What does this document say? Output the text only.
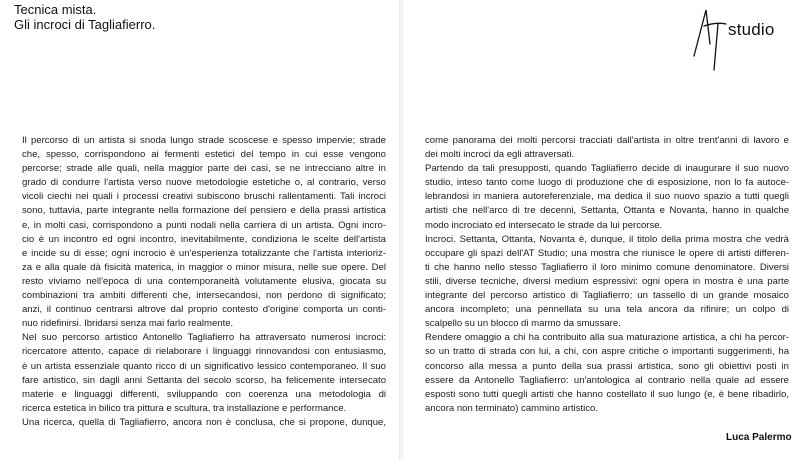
Tecnica mista.
Gli incroci di Tagliafierro.	studio
Il percorso di un artista si snoda lungo strade scoscese e spesso impervie; strade
che, spesso, corrispondono ai fermenti estetici del tempo in cui esse vengono
percorse; strade alle quali, nella maggior parte dei casi, se ne intrecciano altre in
grado di condurre l'artista verso nuove metodologie estetiche o, al contrario, verso
vicoli ciechi nei quali i processi creativi subiscono bruschi rallentamenti. Tali incroci
sono, tuttavia, parte integrante nella formazione del pensiero e della prassi artistica
e, in molti casi, corrispondono a punti nodali nella carriera di un artista. Ogni incro-
cio è un incontro ed ogni incontro, inevitabilmente, condiziona le scelte dell'artista
e incide su di esse; ogni incrocio è un'esperienza totalizzante che l'artista interioriz-
za e alla quale dà fisicità materica, in maggior o minor misura, nelle sue opere. Del
resto viviamo nell'epoca di una contemporaneità volutamente elusiva, giocata su
combinazioni tra ambiti differenti che, intersecandosi, non perdono di significato;
anzi, il continuo centrarsi altrove dal proprio contesto d'origine comporta un conti-
nuo ridefinirsi. Ibridarsi senza mai farlo realmente.
Nel suo percorso artistico Antonello Tagliafierro ha attraversato numerosi incroci:
ricercatore attento, capace di rielaborare i linguaggi rinnovandosi con entusiasmo,
è un artista essenziale quanto ricco di un significativo lessico contemporaneo. Il suo
fare artistico, sin dagli anni Settanta del secolo scorso, ha felicemente intersecato
materie e linguaggi differenti, sviluppando con coerenza una metodologia di
ricerca estetica in bilico tra pittura e scultura, tra installazione e performance.
Una ricerca, quella di Tagliafierro, ancora non è conclusa, che si propone, dunque,
come panorama dei molti percorsi tracciati dall'artista in oltre trent'anni di lavoro e
dei molti incroci da egli attraversati.
Partendo da tali presupposti, quando Tagliafierro decide di inaugurare il suo nuovo
studio, inteso tanto come luogo di produzione che di esposizione, non lo fa autoce-
lebrandosi in maniera autoreferenziale, ma dedica il suo nuovo spazio a tutti quegli
artisti che nell'arco di tre decenni, Settanta, Ottanta e Novanta, hanno in qualche
modo incrociato ed intersecato le strade da lui percorse.
Incroci. Settanta, Ottanta, Novanta è, dunque, il titolo della prima mostra che vedrà
occupare gli spazi dell'AT Studio; una mostra che riunisce le opere di artisti differen-
ti che hanno nello stesso Tagliafierro il loro minimo comune denominatore. Diversi
stili, diverse tecniche, diversi medium espressivi: ogni opera in mostra è una parte
integrante del percorso artistico di Tagliafierro; un tassello di un grande mosaico
ancora incompleto; una pennellata su una tela ancora da rifinire; un colpo di
scalpello su un blocco di marmo da smussare.
Rendere omaggio a chi ha contribuito alla sua maturazione artistica, a chi ha percor-
so un tratto di strada con lui, a chi, con aspre critiche o importanti suggerimenti, ha
concorso alla messa a punto della sua prassi artistica, sono gli obiettivi posti in
essere da Antonello Tagliafierro: un'antologica al contrario nella quale ad essere
esposti sono tutti quegli artisti che hanno costellato il suo lungo (e, è bene ribadirlo,
ancora non terminato) cammino artistico.
Luca Palermo
